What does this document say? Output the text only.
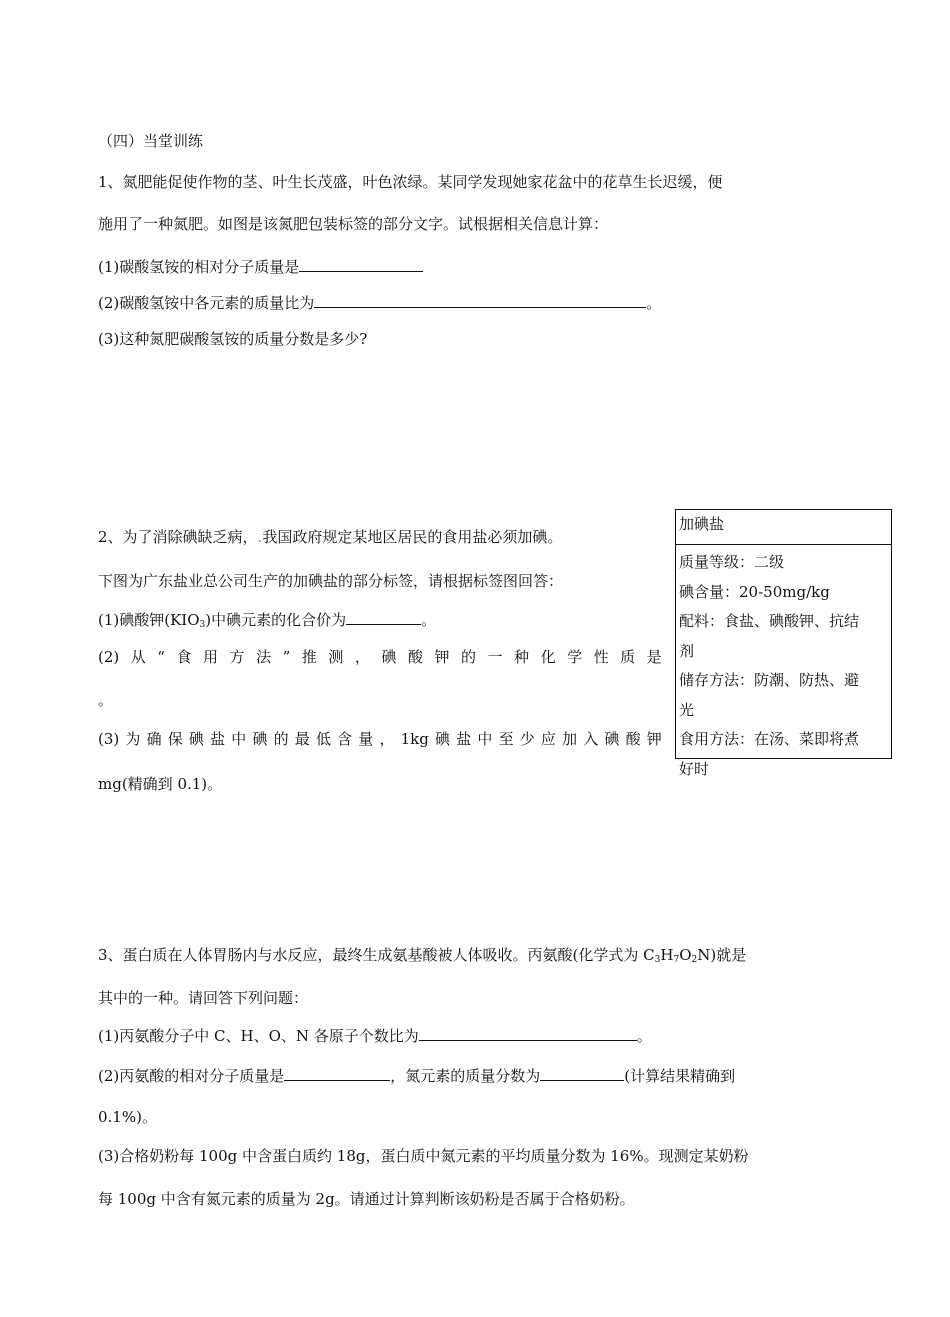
（四）当堂训练
1、氮肥能促使作物的茎、叶生长茂盛，叶色浓绿。某同学发现她家花盆中的花草生长迟缓，便
施用了一种氮肥。如图是该氮肥包装标签的部分文字。试根据相关信息计算：
(1)碳酸氢铵的相对分子质量是
(2)碳酸氢铵中各元素的质量比为	。
(3)这种氮肥碳酸氢铵的质量分数是多少?
2、为了消除碘缺乏病，.我国政府规定某地区居民的食用盐必须加碘。
下图为广东盐业总公司生产的加碘盐的部分标签，请根据标签图回答：
(1)碘酸钾$(KIO_3)$中碘元素的化合价为	。
(2) 从 “ 食 用 方 法 ” 推 测 ， 碘 酸 钾 的 一 种 化 学 性 质 是
。
(3) 为 确 保 碘 盐 中 碘 的 最 低 含 量 ， 1kg 碘 盐 中 至 少 应 加 入 碘 酸 钾
mg(精确到 0.1)。
加碘盐
质量等级：二级
碘含量：20-50mg/kg
配料：食盐、碘酸钾、抗结
剂
储存方法：防潮、防热、避
光
食用方法：在汤、菜即将煮
好时
3、蛋白质在人体胃肠内与水反应，最终生成氨基酸被人体吸收。丙氨酸(化学式为 $C_3H_7O_2N$)就是
其中的一种。请回答下列问题：
(1)丙氨酸分子中 C、H、O、N 各原子个数比为	。
(2)丙氨酸的相对分子质量是	，氮元素的质量分数为	(计算结果精确到
0.1%)。
(3)合格奶粉每 100g 中含蛋白质约 18g，蛋白质中氮元素的平均质量分数为 16%。现测定某奶粉
每 100g 中含有氮元素的质量为 2g。请通过计算判断该奶粉是否属于合格奶粉。
